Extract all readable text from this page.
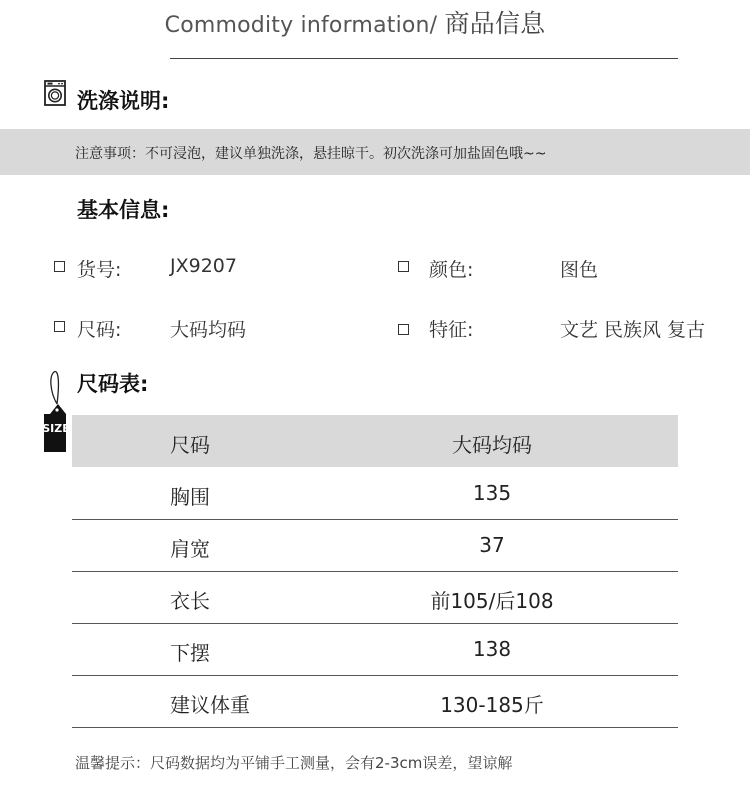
Commodity information/ 商品信息
洗涤说明:
注意事项：不可浸泡，建议单独洗涤，悬挂晾干。初次洗涤可加盐固色哦~~
基本信息:
货号:	JX9207	颜色:	图色
尺码:	大码均码	特征:	文艺 民族风 复古
SIZE
尺码表:
尺码	大码均码
胸围	135
肩宽	37
衣长	前105/后108
下摆	138
建议体重	130-185斤
温馨提示：尺码数据均为平铺手工测量，会有2-3cm误差，望谅解
